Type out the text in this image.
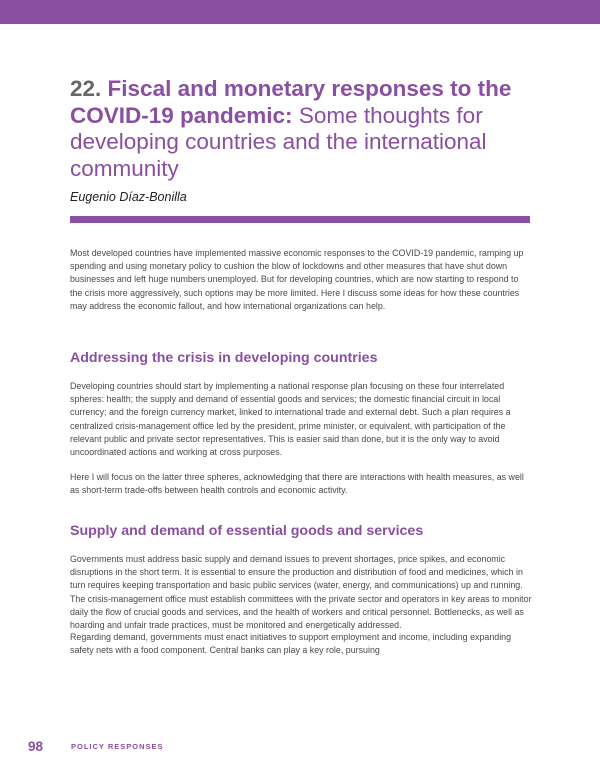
22. Fiscal and monetary responses to the COVID-19 pandemic: Some thoughts for developing countries and the international community
Eugenio Díaz-Bonilla

Most developed countries have implemented massive economic responses to the COVID-19 pandemic, ramping up spending and using monetary policy to cushion the blow of lockdowns and other measures that have shut down businesses and left huge numbers unemployed. But for developing countries, which are now starting to respond to the crisis more aggressively, such options may be more limited. Here I discuss some ideas for how these countries may address the economic fallout, and how international organizations can help.

Addressing the crisis in developing countries

Developing countries should start by implementing a national response plan focusing on these four interrelated spheres: health; the supply and demand of essential goods and services; the domestic financial circuit in local currency; and the foreign currency market, linked to international trade and external debt. Such a plan requires a centralized crisis-management office led by the president, prime minister, or equivalent, with participation of the relevant public and private sector representatives. This is easier said than done, but it is the only way to avoid uncoordinated actions and working at cross purposes.

Here I will focus on the latter three spheres, acknowledging that there are interactions with health measures, as well as short-term trade-offs between health controls and economic activity.

Supply and demand of essential goods and services

Governments must address basic supply and demand issues to prevent shortages, price spikes, and economic disruptions in the short term. It is essential to ensure the production and distribution of food and medicines, which in turn requires keeping transportation and basic public services (water, energy, and communications) up and running. The crisis-management office must establish committees with the private sector and operators in key areas to monitor daily the flow of crucial goods and services, and the health of workers and critical personnel. Bottlenecks, as well as hoarding and unfair trade practices, must be monitored and energetically addressed.

Regarding demand, governments must enact initiatives to support employment and income, including expanding safety nets with a food component. Central banks can play a key role, pursuing

98	POLICY RESPONSES
